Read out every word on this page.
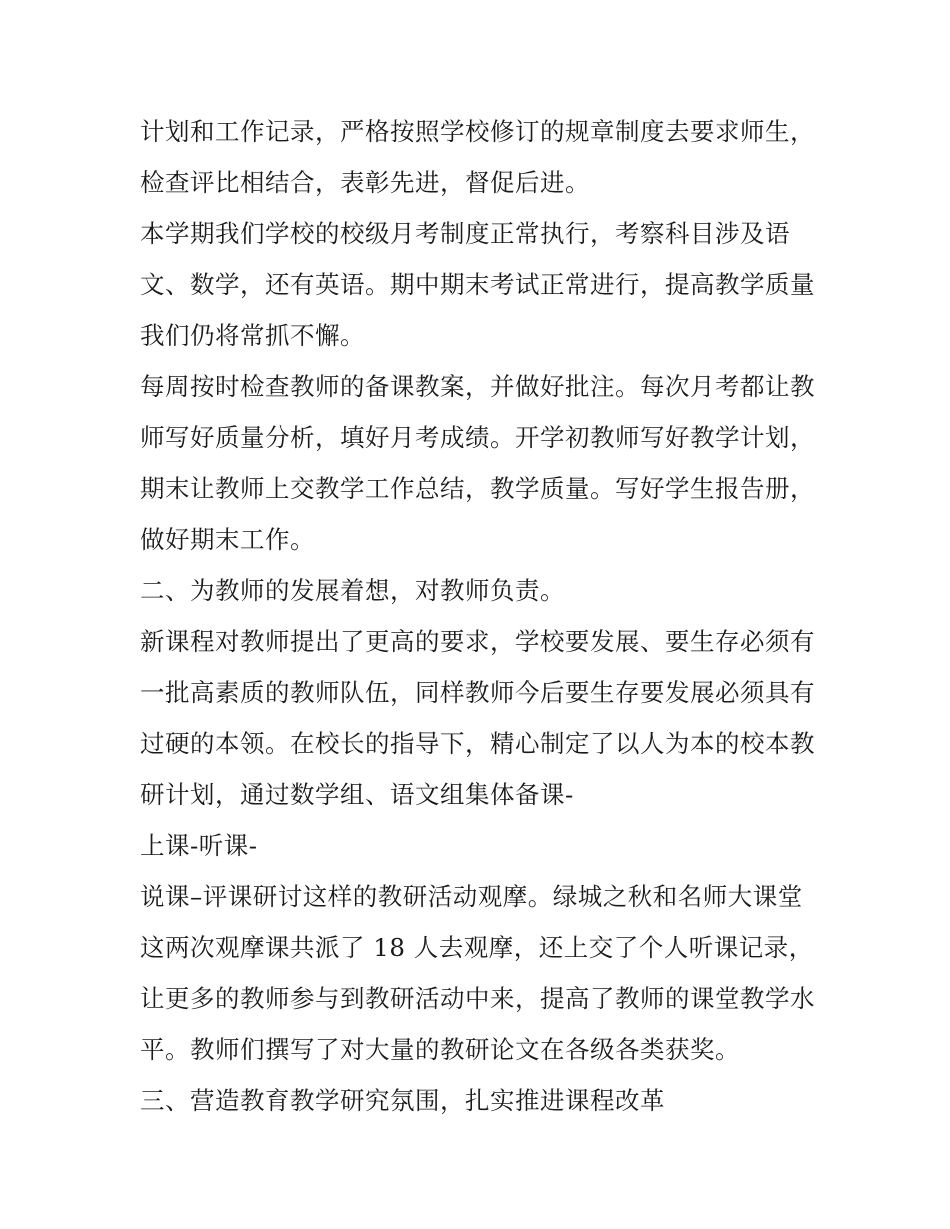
计划和工作记录，严格按照学校修订的规章制度去要求师生，
检查评比相结合，表彰先进，督促后进。
本学期我们学校的校级月考制度正常执行，考察科目涉及语
文、数学，还有英语。期中期末考试正常进行，提高教学质量
我们仍将常抓不懈。
每周按时检查教师的备课教案，并做好批注。每次月考都让教
师写好质量分析，填好月考成绩。开学初教师写好教学计划，
期末让教师上交教学工作总结，教学质量。写好学生报告册，
做好期末工作。
二、为教师的发展着想，对教师负责。
新课程对教师提出了更高的要求，学校要发展、要生存必须有
一批高素质的教师队伍，同样教师今后要生存要发展必须具有
过硬的本领。在校长的指导下，精心制定了以人为本的校本教
研计划，通过数学组、语文组集体备课-
上课-听课-
说课–评课研讨这样的教研活动观摩。绿城之秋和名师大课堂
这两次观摩课共派了 18 人去观摩，还上交了个人听课记录，
让更多的教师参与到教研活动中来，提高了教师的课堂教学水
平。教师们撰写了对大量的教研论文在各级各类获奖。
三、营造教育教学研究氛围，扎实推进课程改革
